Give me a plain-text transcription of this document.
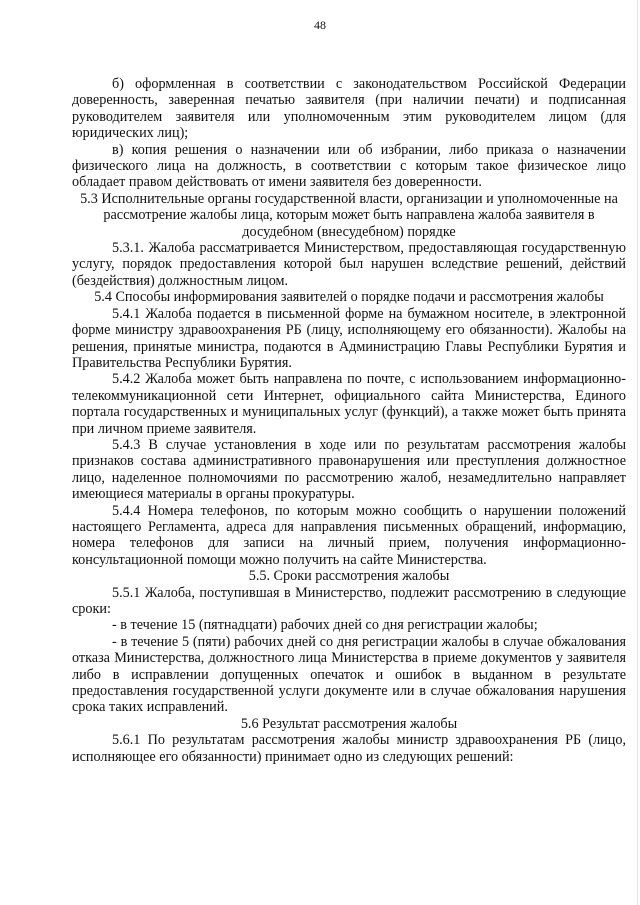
48

б) оформленная в соответствии с законодательством Российской Федерации доверенность, заверенная печатью заявителя (при наличии печати) и подписанная руководителем заявителя или уполномоченным этим руководителем лицом (для юридических лиц);

в) копия решения о назначении или об избрании, либо приказа о назначении физического лица на должность, в соответствии с которым такое физическое лицо обладает правом действовать от имени заявителя без доверенности.

5.3 Исполнительные органы государственной власти, организации и уполномоченные на рассмотрение жалобы лица, которым может быть направлена жалоба заявителя в досудебном (внесудебном) порядке

5.3.1. Жалоба рассматривается Министерством, предоставляющая государственную услугу, порядок предоставления которой был нарушен вследствие решений, действий (бездействия) должностным лицом.

5.4 Способы информирования заявителей о порядке подачи и рассмотрения жалобы

5.4.1 Жалоба подается в письменной форме на бумажном носителе, в электронной форме министру здравоохранения РБ (лицу, исполняющему его обязанности). Жалобы на решения, принятые министра, подаются в Администрацию Главы Республики Бурятия и Правительства Республики Бурятия.

5.4.2 Жалоба может быть направлена по почте, с использованием информационно-телекоммуникационной сети Интернет, официального сайта Министерства, Единого портала государственных и муниципальных услуг (функций), а также может быть принята при личном приеме заявителя.

5.4.3 В случае установления в ходе или по результатам рассмотрения жалобы признаков состава административного правонарушения или преступления должностное лицо, наделенное полномочиями по рассмотрению жалоб, незамедлительно направляет имеющиеся материалы в органы прокуратуры.

5.4.4 Номера телефонов, по которым можно сообщить о нарушении положений настоящего Регламента, адреса для направления письменных обращений, информацию, номера телефонов для записи на личный прием, получения информационно-консультационной помощи можно получить на сайте Министерства.

5.5. Сроки рассмотрения жалобы

5.5.1 Жалоба, поступившая в Министерство, подлежит рассмотрению в следующие сроки:

- в течение 15 (пятнадцати) рабочих дней со дня регистрации жалобы;

- в течение 5 (пяти) рабочих дней со дня регистрации жалобы в случае обжалования отказа Министерства, должностного лица Министерства в приеме документов у заявителя либо в исправлении допущенных опечаток и ошибок в выданном в результате предоставления государственной услуги документе или в случае обжалования нарушения срока таких исправлений.

5.6 Результат рассмотрения жалобы

5.6.1 По результатам рассмотрения жалобы министр здравоохранения РБ (лицо, исполняющее его обязанности) принимает одно из следующих решений:
